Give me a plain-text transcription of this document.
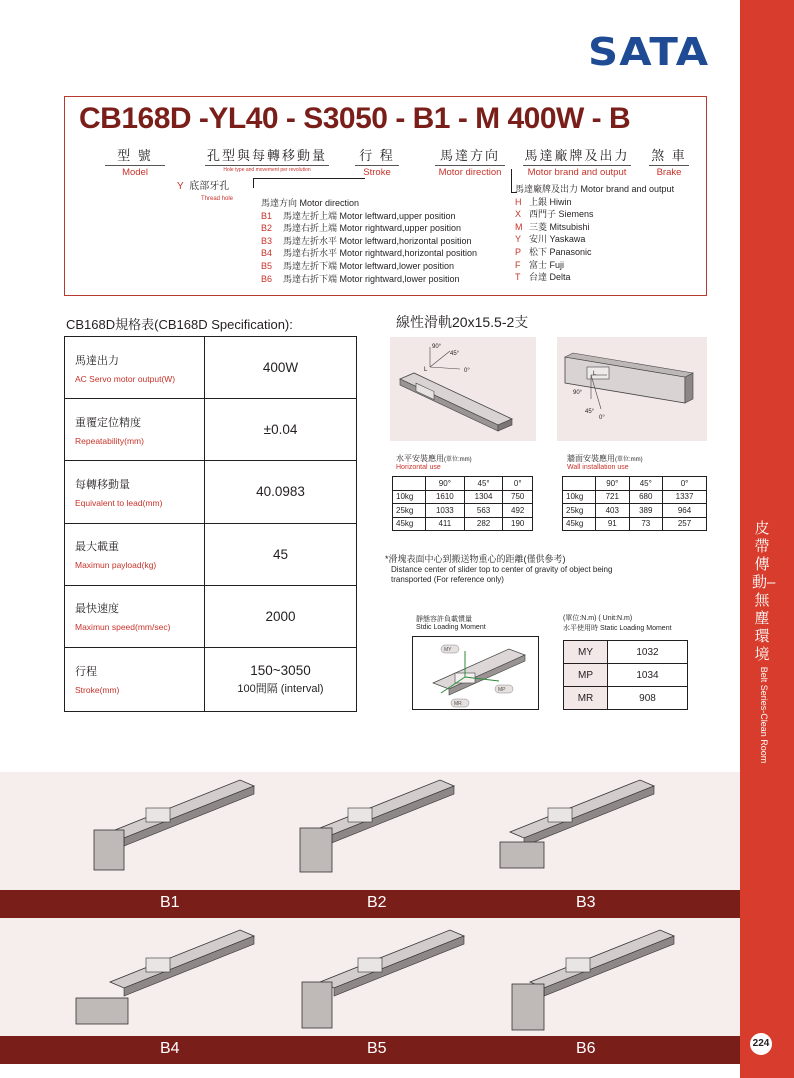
皮帶傳動–無塵環境
Belt Series-Clean Room
224
SATA
CB168D -YL40 - S3050 - B1 - M 400W - B
型 號
Model
孔型與每轉移動量
Hole type and movement per revolution
行 程
Stroke
馬達方向
Motor direction
馬達廠牌及出力
Motor brand and output
煞 車
Brake
Y 底部牙孔
Thread hole	馬達方向 Motor direction
B1 馬達左折上端 Motor leftward,upper position
B2 馬達右折上端 Motor rightward,upper position
B3 馬達左折水平 Motor leftward,horizontal position
B4 馬達右折水平 Motor rightward,horizontal position
B5 馬達左折下端 Motor leftward,lower position
B6 馬達右折下端 Motor rightward,lower position
馬達廠牌及出力 Motor brand and output
H 上銀 Hiwin
X 西門子 Siemens
M 三菱 Mitsubishi
Y 安川 Yaskawa
P 松下 Panasonic
F 富士 Fuji
T 台達 Delta
CB168D規格表(CB168D Specification):	線性滑軌20x15.5-2支
馬達出力
AC Servo motor output(W)	400W

重覆定位精度
Repeatability(mm)	±0.04

每轉移動量
Equivalent to lead(mm)	40.0983

最大載重
Maximun payload(kg)	45

最快速度
Maximun speed(mm/sec)	2000

行程
Stroke(mm)	150~3050
100間隔 (interval)
90°
45°
0°
L
90°
45°
0°
L
水平安裝應用(單位:mm)
Horizontal use
	90°	45°	0°
10kg	1610	1304	750
25kg	1033	563	492
45kg	411	282	190
牆面安裝應用(單位:mm)
Wall installation use
	90°	45°	0°
10kg	721	680	1337
25kg	403	389	964
45kg	91	73	257
*滑塊表面中心到搬送物重心的距離(僅供參考)
Distance center of slider top to center of gravity of object being
transported (For reference only)
靜態容許負載慣量
Stdic Loading Moment
MY
MP
MR
(單位:N.m) ( Unit:N.m)
水平使用時 Static Loading Moment
MY	1032
MP	1034
MR	908
B1	B2	B3
B4	B5	B6
